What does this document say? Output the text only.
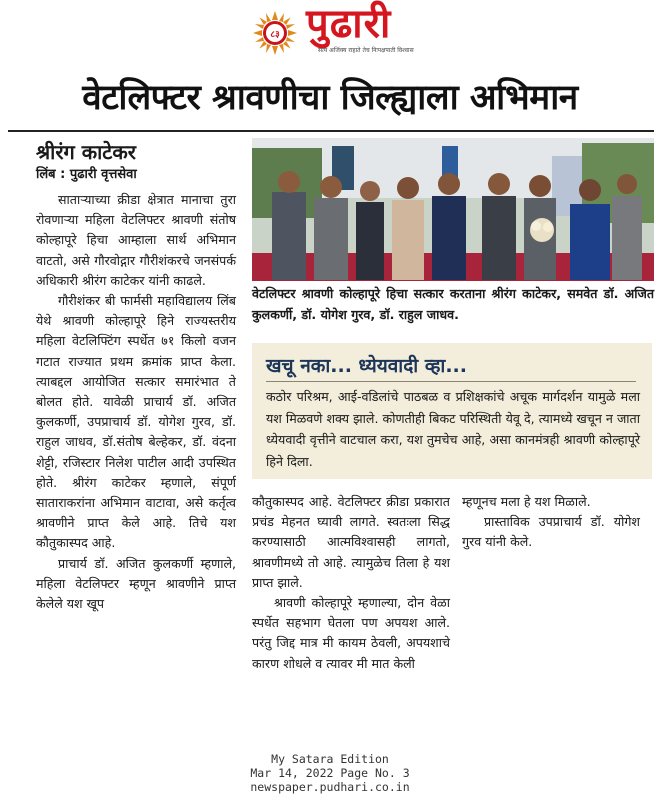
८३ पुढारी
सत्य अजिंक्य राहाते तेच निःपक्षपाती विश्वास
वेटलिफ्टर श्रावणीचा जिल्ह्याला अभिमान
श्रीरंग काटेकर
लिंब : पुढारी वृत्तसेवा

साताऱ्याच्या क्रीडा क्षेत्रात मानाचा तुरा रोवणाऱ्या महिला वेटलिफ्टर श्रावणी संतोष कोल्हापूरे हिचा आम्हाला सार्थ अभिमान वाटतो, असे गौरवोद्गार गौरीशंकरचे जनसंपर्क अधिकारी श्रीरंग काटेकर यांनी काढले.

गौरीशंकर बी फार्मसी महाविद्यालय लिंब येथे श्रावणी कोल्हापूरे हिने राज्यस्तरीय महिला वेटलिफ्टिंग स्पर्धेत ७१ किलो वजन गटात राज्यात प्रथम क्रमांक प्राप्त केला. त्याबद्दल आयोजित सत्कार समारंभात ते बोलत होते. यावेळी प्राचार्य डॉ. अजित कुलकर्णी, उपप्राचार्य डॉ. योगेश गुरव, डॉ. राहुल जाधव, डॉ.संतोष बेल्हेकर, डॉ. वंदना शेट्टी, रजिस्टार निलेश पाटील आदी उपस्थित होते. श्रीरंग काटेकर म्हणाले, संपूर्ण साताराकरांना अभिमान वाटावा, असे कर्तृत्व श्रावणीने प्राप्त केले आहे. तिचे यश कौतुकास्पद आहे.

प्राचार्य डॉ. अजित कुलकर्णी म्हणाले, महिला वेटलिफ्टर म्हणून श्रावणीने प्राप्त केलेले यश खूप

वेटलिफ्टर श्रावणी कोल्हापूरे हिचा सत्कार करताना श्रीरंग काटेकर, समवेत डॉ. अजित कुलकर्णी, डॉ. योगेश गुरव, डॉ. राहुल जाधव.
खचू नका... ध्येयवादी व्हा...
कठोर परिश्रम, आई-वडिलांचे पाठबळ व प्रशिक्षकांचे अचूक मार्गदर्शन यामुळे मला यश मिळवणे शक्य झाले. कोणतीही बिकट परिस्थिती येवू दे, त्यामध्ये खचून न जाता ध्येयवादी वृत्तीने वाटचाल करा, यश तुमचेच आहे, असा कानमंत्रही श्रावणी कोल्हापूरे हिने दिला.

कौतुकास्पद आहे. वेटलिफ्टर क्रीडा प्रकारात प्रचंड मेहनत घ्यावी लागते. स्वतःला सिद्ध करण्यासाठी आत्मविश्वासही लागतो, श्रावणीमध्ये तो आहे. त्यामुळेच तिला हे यश प्राप्त झाले.

श्रावणी कोल्हापूरे म्हणाल्या, दोन वेळा स्पर्धेत सहभाग घेतला पण अपयश आले. परंतु जिद्द मात्र मी कायम ठेवली, अपयशाचे कारण शोधले व त्यावर मी मात केली

म्हणूनच मला हे यश मिळाले.

प्रास्ताविक उपप्राचार्य डॉ. योगेश गुरव यांनी केले.

My Satara Edition
Mar 14, 2022 Page No. 3
newspaper.pudhari.co.in
